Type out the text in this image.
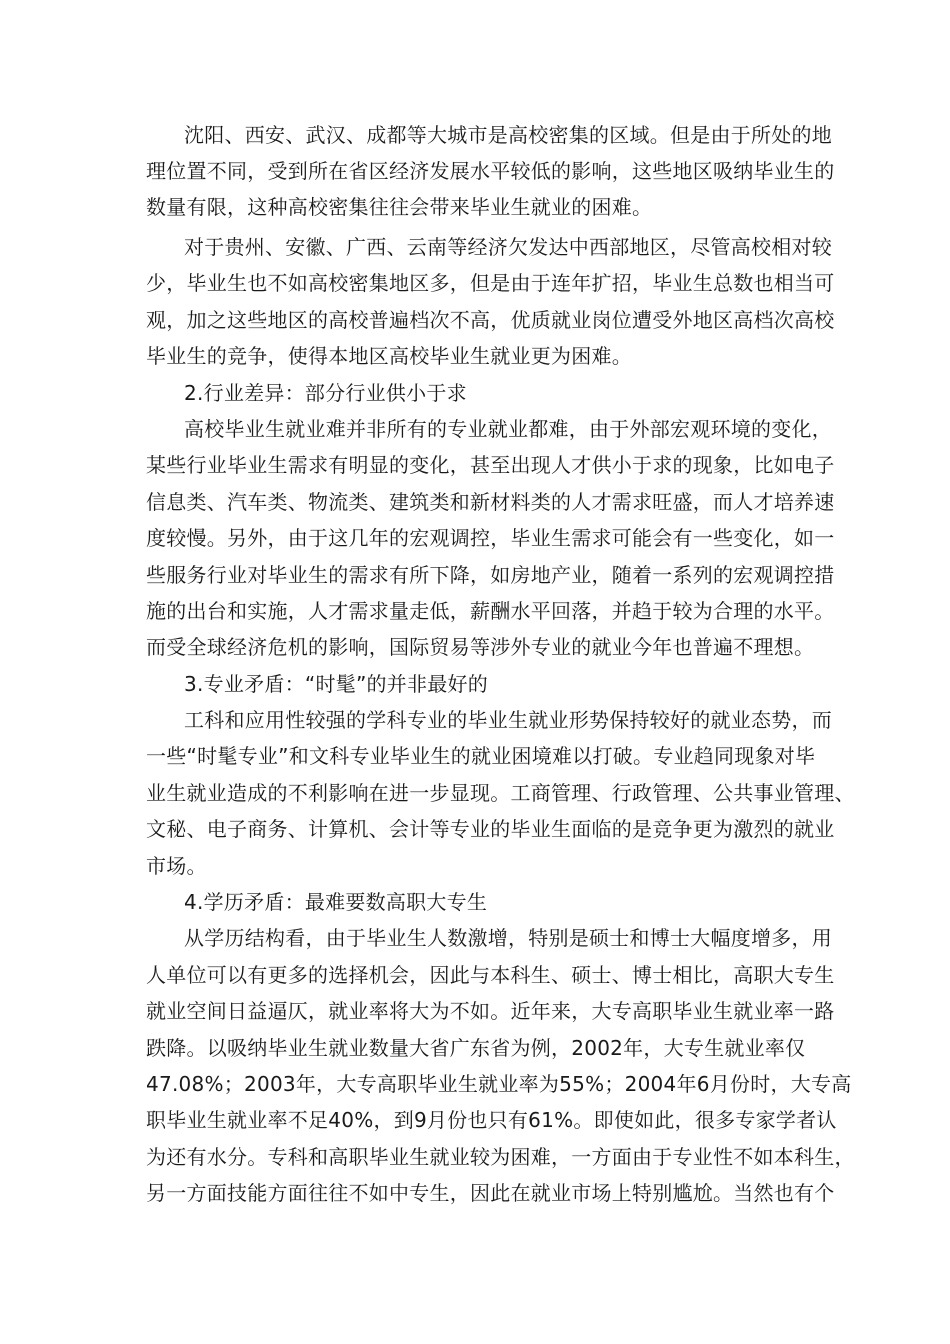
沈阳、西安、武汉、成都等大城市是高校密集的区域。但是由于所处的地
理位置不同，受到所在省区经济发展水平较低的影响，这些地区吸纳毕业生的
数量有限，这种高校密集往往会带来毕业生就业的困难。
对于贵州、安徽、广西、云南等经济欠发达中西部地区，尽管高校相对较
少，毕业生也不如高校密集地区多，但是由于连年扩招，毕业生总数也相当可
观，加之这些地区的高校普遍档次不高，优质就业岗位遭受外地区高档次高校
毕业生的竞争，使得本地区高校毕业生就业更为困难。
2.行业差异：部分行业供小于求
高校毕业生就业难并非所有的专业就业都难，由于外部宏观环境的变化，
某些行业毕业生需求有明显的变化，甚至出现人才供小于求的现象，比如电子
信息类、汽车类、物流类、建筑类和新材料类的人才需求旺盛，而人才培养速
度较慢。另外，由于这几年的宏观调控，毕业生需求可能会有一些变化，如一
些服务行业对毕业生的需求有所下降，如房地产业，随着一系列的宏观调控措
施的出台和实施，人才需求量走低，薪酬水平回落，并趋于较为合理的水平。
而受全球经济危机的影响，国际贸易等涉外专业的就业今年也普遍不理想。
3.专业矛盾：“时髦”的并非最好的
工科和应用性较强的学科专业的毕业生就业形势保持较好的就业态势，而
一些“时髦专业”和文科专业毕业生的就业困境难以打破。专业趋同现象对毕
业生就业造成的不利影响在进一步显现。工商管理、行政管理、公共事业管理、
文秘、电子商务、计算机、会计等专业的毕业生面临的是竞争更为激烈的就业
市场。
4.学历矛盾：最难要数高职大专生
从学历结构看，由于毕业生人数激增，特别是硕士和博士大幅度增多，用
人单位可以有更多的选择机会，因此与本科生、硕士、博士相比，高职大专生
就业空间日益逼仄，就业率将大为不如。近年来，大专高职毕业生就业率一路
跌降。以吸纳毕业生就业数量大省广东省为例，2002年，大专生就业率仅
47.08%；2003年，大专高职毕业生就业率为55%；2004年6月份时，大专高
职毕业生就业率不足40%，到9月份也只有61%。即使如此，很多专家学者认
为还有水分。专科和高职毕业生就业较为困难，一方面由于专业性不如本科生，
另一方面技能方面往往不如中专生，因此在就业市场上特别尴尬。当然也有个
